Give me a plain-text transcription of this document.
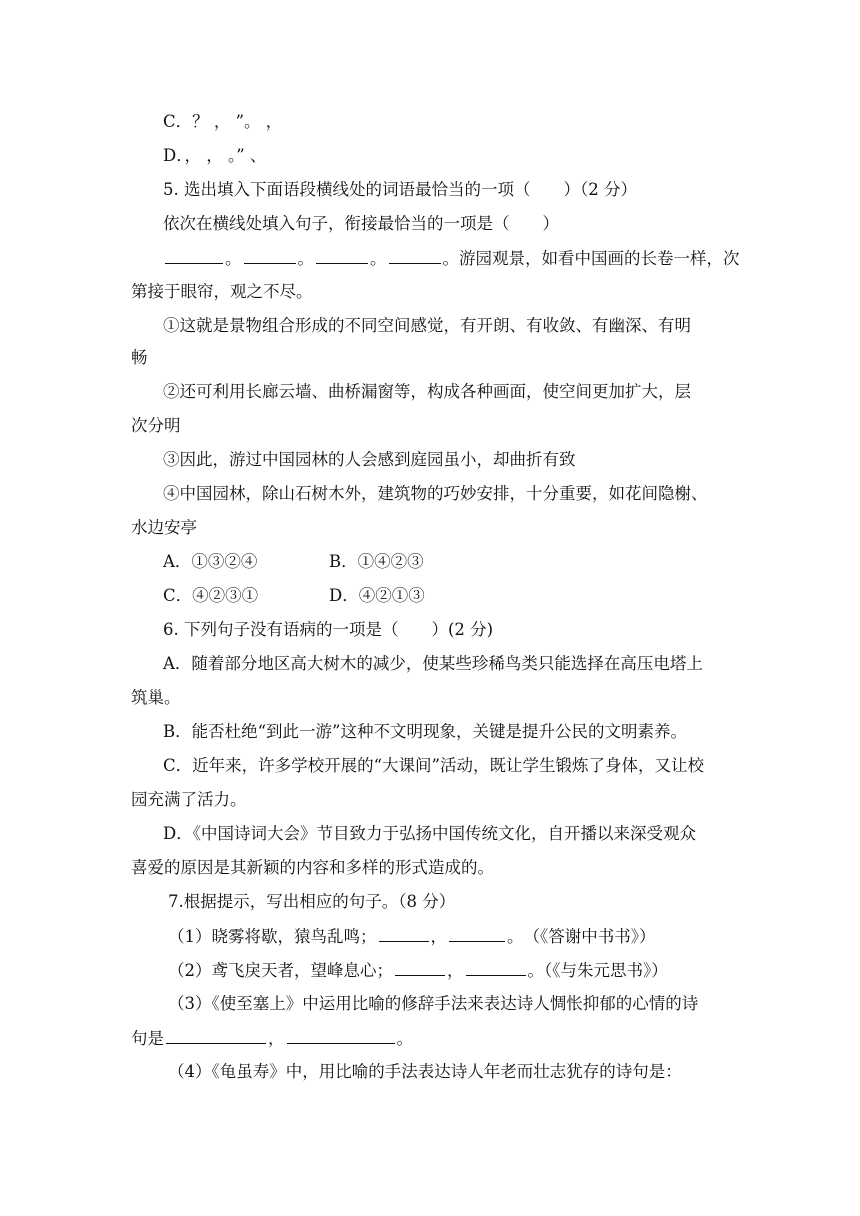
C．？ ， ”。 ，
D．， ， 。” 、
5. 选出填入下面语段横线处的词语最恰当的一项（　　）（2 分）
依次在横线处填入句子，衔接最恰当的一项是（　　）
。	。	。	。游园观景，如看中国画的长卷一样，次
第接于眼帘，观之不尽。
①这就是景物组合形成的不同空间感觉，有开朗、有收敛、有幽深、有明
畅
②还可利用长廊云墙、曲桥漏窗等，构成各种画面，使空间更加扩大，层
次分明
③因此，游过中国园林的人会感到庭园虽小，却曲折有致
④中国园林，除山石树木外，建筑物的巧妙安排，十分重要，如花间隐榭、
水边安亭
A．①③②④	B．①④②③
C．④②③①	D．④②①③
6. 下列句子没有语病的一项是（　　）(2 分)
A．随着部分地区高大树木的减少，使某些珍稀鸟类只能选择在高压电塔上
筑巢。
B．能否杜绝“到此一游”这种不文明现象，关键是提升公民的文明素养。
C．近年来，许多学校开展的“大课间”活动，既让学生锻炼了身体，又让校
园充满了活力。
D．《中国诗词大会》节目致力于弘扬中国传统文化，自开播以来深受观众
喜爱的原因是其新颖的内容和多样的形式造成的。
7.根据提示，写出相应的句子。（8 分）
（1）晓雾将歇，猿鸟乱鸣；	，	。　（《答谢中书书》）
（2）鸢飞戾天者，望峰息心；	，	。（《与朱元思书》）
（3）《使至塞上》中运用比喻的修辞手法来表达诗人惆怅抑郁的心情的诗
句是	，	。
（4）《龟虽寿》中，用比喻的手法表达诗人年老而壮志犹存的诗句是：
